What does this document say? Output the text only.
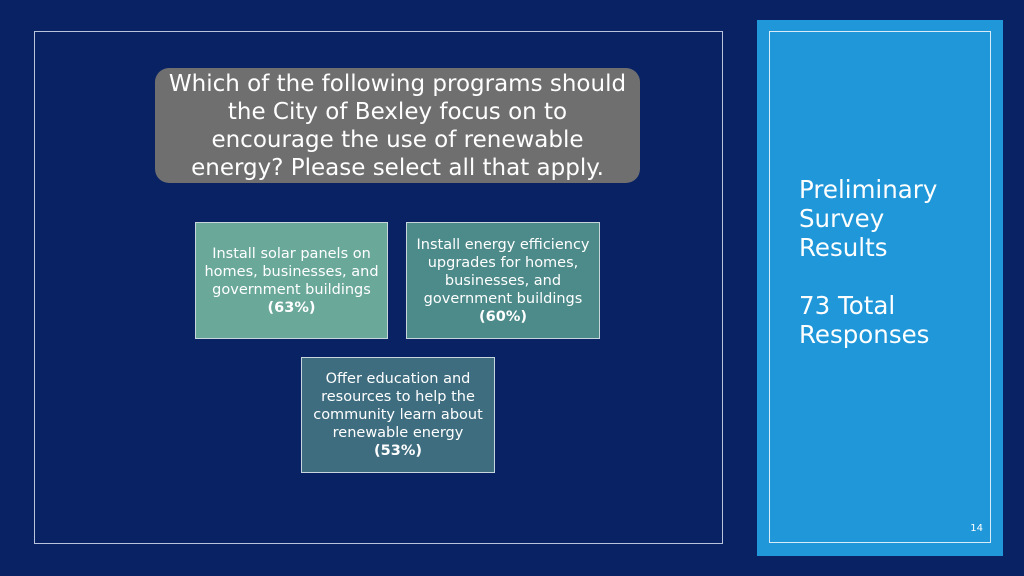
Which of the following programs should the City of Bexley focus on to encourage the use of renewable energy? Please select all that apply.
Install solar panels on homes, businesses, and government buildings (63%)
Install energy efficiency upgrades for homes, businesses, and government buildings (60%)
Offer education and resources to help the community learn about renewable energy (53%)
Preliminary
Survey
Results
73 Total
Responses
14
